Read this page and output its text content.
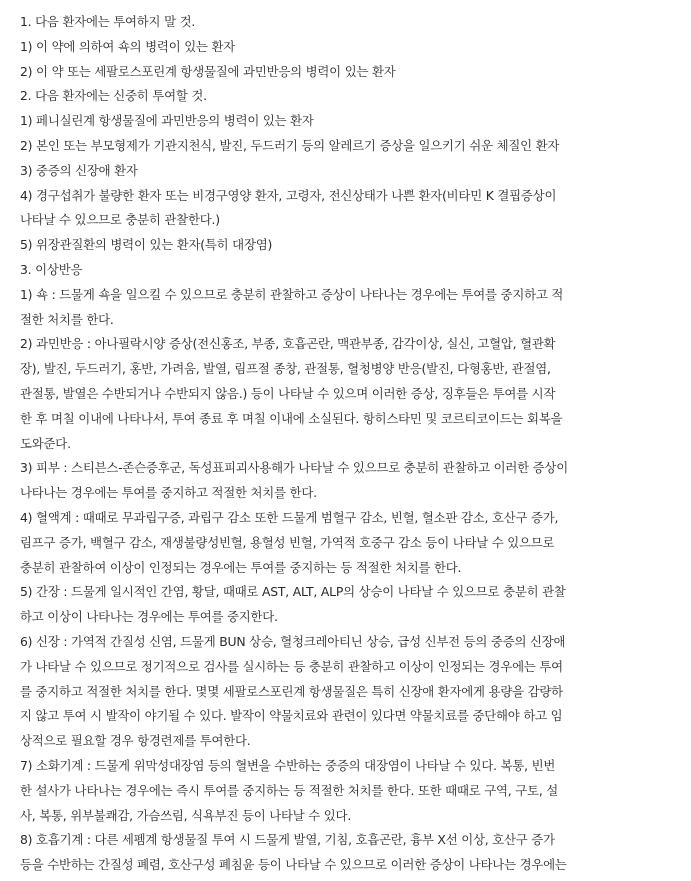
1. 다음 환자에는 투여하지 말 것.
1) 이 약에 의하여 쇽의 병력이 있는 환자
2) 이 약 또는 세팔로스포린계 항생물질에 과민반응의 병력이 있는 환자
2. 다음 환자에는 신중히 투여할 것.
1) 페니실린계 항생물질에 과민반응의 병력이 있는 환자
2) 본인 또는 부모형제가 기관지천식, 발진, 두드러기 등의 알레르기 증상을 일으키기 쉬운 체질인 환자
3) 중증의 신장애 환자
4) 경구섭취가 불량한 환자 또는 비경구영양 환자, 고령자, 전신상태가 나쁜 환자(비타민 K 결핍증상이
나타날 수 있으므로 충분히 관찰한다.)
5) 위장관질환의 병력이 있는 환자(특히 대장염)
3. 이상반응
1) 쇽 : 드물게 쇽을 일으킬 수 있으므로 충분히 관찰하고 증상이 나타나는 경우에는 투여를 중지하고 적
절한 처치를 한다.
2) 과민반응 : 아나필락시양 증상(전신홍조, 부종, 호흡곤란, 맥관부종, 감각이상, 실신, 고혈압, 혈관확
장), 발진, 두드러기, 홍반, 가려움, 발열, 림프절 종창, 관절통, 혈청병양 반응(발진, 다형홍반, 관절염,
관절통, 발열은 수반되거나 수반되지 않음.) 등이 나타날 수 있으며 이러한 증상, 징후들은 투여를 시작
한 후 며칠 이내에 나타나서, 투여 종료 후 며칠 이내에 소실된다. 항히스타민 및 코르티코이드는 회복을
도와준다.
3) 피부 : 스티븐스-존슨증후군, 독성표피괴사용해가 나타날 수 있으므로 충분히 관찰하고 이러한 증상이
나타나는 경우에는 투여를 중지하고 적절한 처치를 한다.
4) 혈액계 : 때때로 무과립구증, 과립구 감소 또한 드물게 범혈구 감소, 빈혈, 혈소판 감소, 호산구 증가,
림프구 증가, 백혈구 감소, 재생불량성빈혈, 용혈성 빈혈, 가역적 호중구 감소 등이 나타날 수 있으므로
충분히 관찰하여 이상이 인정되는 경우에는 투여를 중지하는 등 적절한 처치를 한다.
5) 간장 : 드물게 일시적인 간염, 황달, 때때로 AST, ALT, ALP의 상승이 나타날 수 있으므로 충분히 관찰
하고 이상이 나타나는 경우에는 투여를 중지한다.
6) 신장 : 가역적 간질성 신염, 드물게 BUN 상승, 혈청크레아티닌 상승, 급성 신부전 등의 중증의 신장애
가 나타날 수 있으므로 정기적으로 검사를 실시하는 등 충분히 관찰하고 이상이 인정되는 경우에는 투여
를 중지하고 적절한 처치를 한다. 몇몇 세팔로스포린계 항생물질은 특히 신장애 환자에게 용량을 감량하
지 않고 투여 시 발작이 야기될 수 있다. 발작이 약물치료와 관련이 있다면 약물치료를 중단해야 하고 임
상적으로 필요할 경우 항경련제를 투여한다.
7) 소화기계 : 드물게 위막성대장염 등의 혈변을 수반하는 중증의 대장염이 나타날 수 있다. 복통, 빈번
한 설사가 나타나는 경우에는 즉시 투여를 중지하는 등 적절한 처치를 한다. 또한 때때로 구역, 구토, 설
사, 복통, 위부불쾌감, 가슴쓰림, 식욕부진 등이 나타날 수 있다.
8) 호흡기계 : 다른 세펨계 항생물질 투여 시 드물게 발열, 기침, 호흡곤란, 흉부 X선 이상, 호산구 증가
등을 수반하는 간질성 폐렴, 호산구성 폐침윤 등이 나타날 수 있으므로 이러한 증상이 나타나는 경우에는
